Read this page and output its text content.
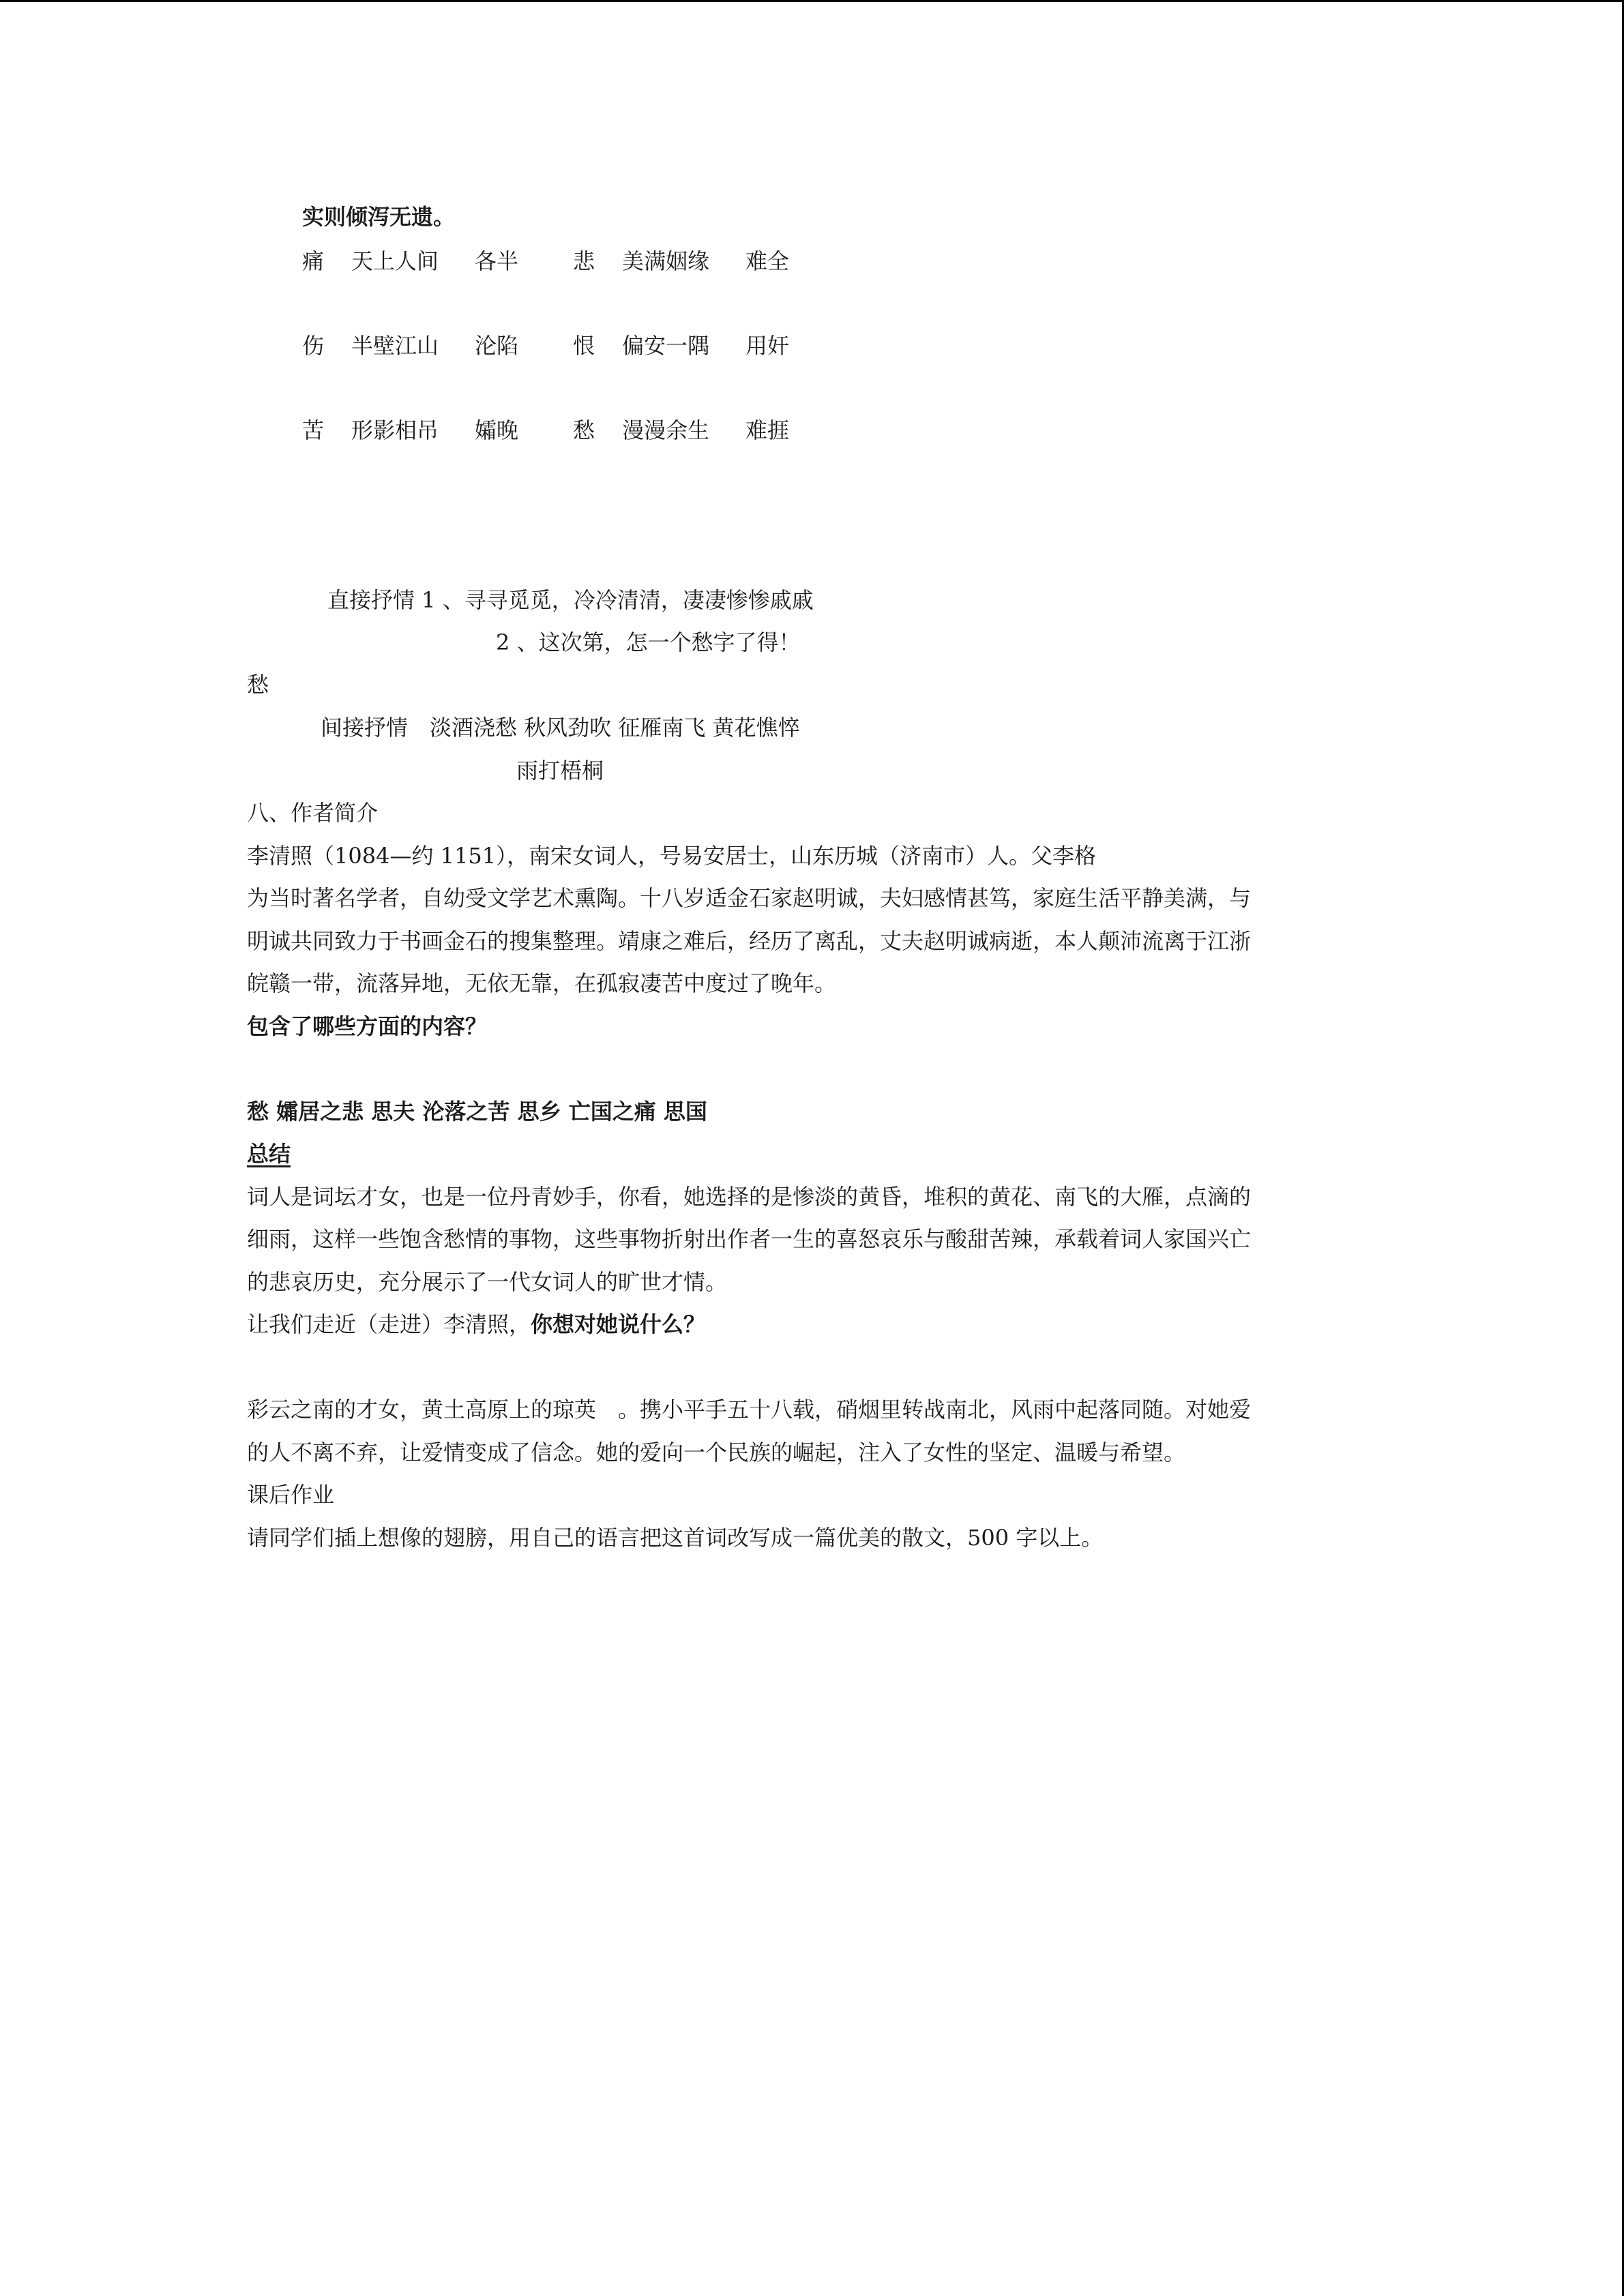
实则倾泻无遗。
痛 天上人间 各半 悲 美满姻缘 难全
伤 半壁江山 沦陷 恨 偏安一隅 用奸
苦 形影相吊 孀晚 愁 漫漫余生 难捱
直接抒情 1 、寻寻觅觅，冷冷清清，凄凄惨惨戚戚
2 、这次第，怎一个愁字了得！
愁
间接抒情　淡酒浇愁 秋风劲吹 征雁南飞 黄花憔悴
雨打梧桐
八、作者简介
李清照（1084—约 1151），南宋女词人，号易安居士，山东历城（济南市）人。父李格
为当时著名学者，自幼受文学艺术熏陶。十八岁适金石家赵明诚，夫妇感情甚笃，家庭生活平静美满，与
明诚共同致力于书画金石的搜集整理。靖康之难后，经历了离乱，丈夫赵明诚病逝，本人颠沛流离于江浙
皖赣一带，流落异地，无依无靠，在孤寂凄苦中度过了晚年。
包含了哪些方面的内容？
愁 孀居之悲 思夫 沦落之苦 思乡 亡国之痛 思国
总结
词人是词坛才女，也是一位丹青妙手，你看，她选择的是惨淡的黄昏，堆积的黄花、南飞的大雁，点滴的
细雨，这样一些饱含愁情的事物，这些事物折射出作者一生的喜怒哀乐与酸甜苦辣，承载着词人家国兴亡
的悲哀历史，充分展示了一代女词人的旷世才情。
让我们走近（走进）李清照，你想对她说什么？
彩云之南的才女，黄土高原上的琼英　。携小平手五十八载，硝烟里转战南北，风雨中起落同随。对她爱
的人不离不弃，让爱情变成了信念。她的爱向一个民族的崛起，注入了女性的坚定、温暖与希望。
课后作业
请同学们插上想像的翅膀，用自己的语言把这首词改写成一篇优美的散文，500 字以上。
